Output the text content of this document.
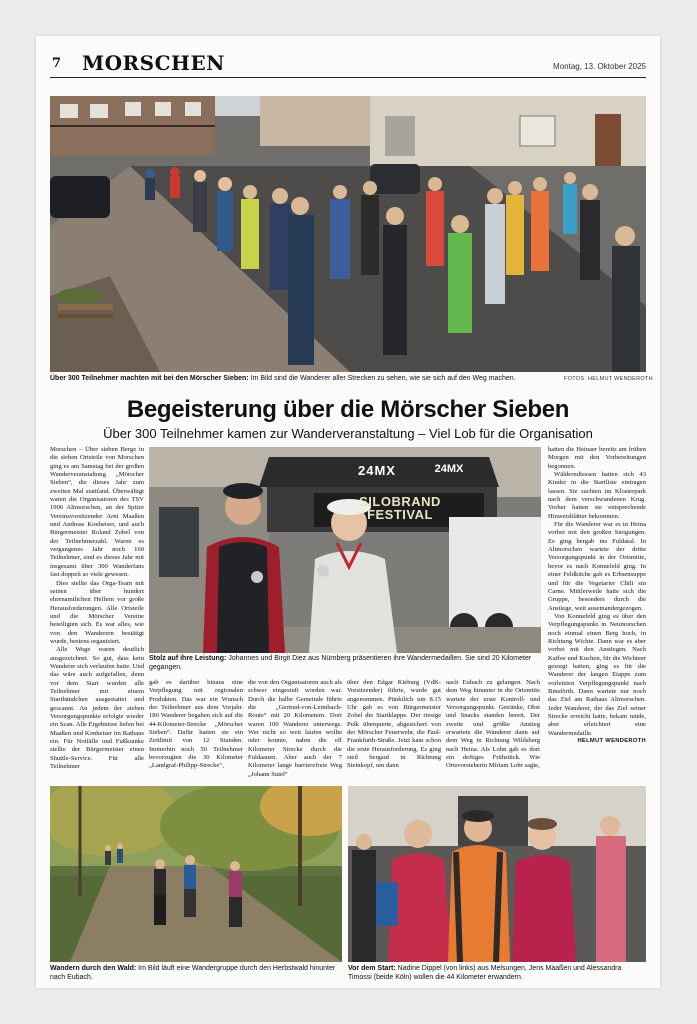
7 MORSCHEN	Montag, 13. Oktober 2025
Über 300 Teilnehmer machten mit bei den Mörscher Sieben: Im Bild sind die Wanderer aller Strecken zu sehen, wie sie sich auf den Weg machen.	FOTOS: HELMUT WENDEROTH
Begeisterung über die Mörscher Sieben
Über 300 Teilnehmer kamen zur Wanderveranstaltung – Viel Lob für die Organisation

Morschen – Über sieben Berge in die sieben Ortsteile von Morschen ging es am Samstag bei der großen Wanderveranstaltung „Mörscher Sieben“, die dieses Jahr zum zweiten Mal stattfand. Überwältigt waren die Organisatoren des TSV 1906 Altmorschen, an der Spitze Vereinsvorsitzender Arnt Maaßen und Andreas Konheiser, und auch Bürgermeister Roland Zobel von der Teilnehmerzahl. Waren es vergangenes Jahr noch 160 Teilnehmer, sind es dieses Jahr mit insgesamt über 300 Wanderfans fast doppelt so viele gewesen.

Dies stellte das Orga-Team mit seinen über hundert ehrenamtlichen Helfern vor große Herausforderungen. Alle Ortsteile und die Mörscher Vereine beteiligten sich. Es war alles, wie von den Wanderern bestätigt wurde, bestens organisiert.

Alle Wege waren deutlich ausgezeichnet. So gut, dass kein Wanderer sich verlaufen hatte. Und das wäre auch aufgefallen, denn vor dem Start wurden alle Teilnehmer mit einem Startbändchen ausgestattet und gescannt. An jedem der sieben Versorgungspunkte erfolgte wieder ein Scan. Alle Ergebnisse liefen bei Maaßen und Konheiser im Rathaus ein. Für Notfälle und Fußkranke stellte der Bürgermeister einen Shuttle-Service. Für alle Teilnehmer

24MX	24MX
SILOBRAND
FESTIVAL
Stolz auf ihre Leistung: Johannes und Birgit Diez aus Nürnberg präsentieren ihre Wandermedaillen. Sie sind 20 Kilometer gegangen.

gab es darüber hinaus eine Verpflegung mit regionalen Produkten. Das war ein Wunsch der Teilnehmer aus dem Vorjahr. 180 Wanderer begaben sich auf die 44-Kilometer-Strecke „Mörscher Sieben“. Dafür hatten sie ein Zeitlimit von 12 Stunden. Immerhin noch 50 Teilnehmer bevorzugten die 30 Kilometer „Landgraf-Philipp-Strecke“,

die von den Organisatoren auch als schwer eingestuft worden war. Durch die halbe Gemeinde führte die „Gertrud-von-Leimbach-Route“ mit 20 Kilometern. Dort waren 100 Wanderer unterwegs. Wer nicht so weit laufen wollte oder konnte, nahm die elf Kilometer Strecke durch die Fuldaauen. Aber auch der 7 Kilometer lange barrierefreie Weg „Johann Sutel“

über den Edgar Kieburg (VdK-Vorsitzender) führte, wurde gut angenommen. Pünktlich um 8.15 Uhr gab es von Bürgermeister Zobel die Startklappe. Der riesige Pulk überquerte, abgesichert von der Mörscher Feuerwehr, die Paul-Frankfurth-Straße. Jetzt kam schon die erste Herausforderung. Es ging steil bergauf in Richtung Steinkopf, um dann

nach Eubach zu gelangen. Nach dem Weg hinunter in die Ortsmitte wartete der erste Kontroll- und Versorgungspunkt. Getränke, Obst und Snacks standen bereit. Der zweite und größte Anstieg erwartete die Wanderer dann auf dem Weg in Richtung Wildsberg nach Heina. Als Lohn gab es dort ein deftiges Frühstück. Wie Ortsvorsteherin Miriam Lohr sagte,

hatten die Heinaer bereits am frühen Morgen mit den Vorbereitungen begonnen.

Wälderndiessen hatten sich 43 Kinder in die Startliste eintragen lassen. Sie suchten im Klosterpark nach dem verschwundenen Krug. Vorher hatten sie entsprechende Hinweisblätter bekommen.

Für die Wanderer war es in Heina vorbei mit den großen Steigungen. Es ging bergab ins Fuldatal. In Altmorschen wartete der dritte Versorgungspunkt in der Ortsmitte, bevor es nach Konnefeld ging. In einer Feldküche gab es Erbsensuppe und für die Vegetarier Chili sin Carne. Mittlerweile hatte sich die Gruppe, besonders durch die Anstiege, weit auseinandergezogen.

Von Konnefeld ging es über den Verpflegungspunkt in Neumorschen noch einmal einen Berg hoch, in Richtung Wichte. Dann war es aber vorbei mit den Anstiegen. Nach Kaffee und Kuchen, für die Wichteer gesorgt hatten, ging es für die Wanderer der langen Etappe zum vorletzten Verpflegungspunkt nach Binsförth. Dann wartete nur noch das Ziel am Rathaus Altmorschen. Jeder Wanderer, der das Ziel seiner Strecke erreicht hatte, bekam müde, aber erleichtert eine Wandermedaille.

HELMUT WENDEROTH
Wandern durch den Wald: Im Bild läuft eine Wandergruppe durch den Herbstwald hinunter nach Eubach.
Vor dem Start: Nadine Dippel (von links) aus Melsungen, Jens Maaßen und Alessandra Timossi (beide Köln) wollen die 44 Kilometer erwandern.
